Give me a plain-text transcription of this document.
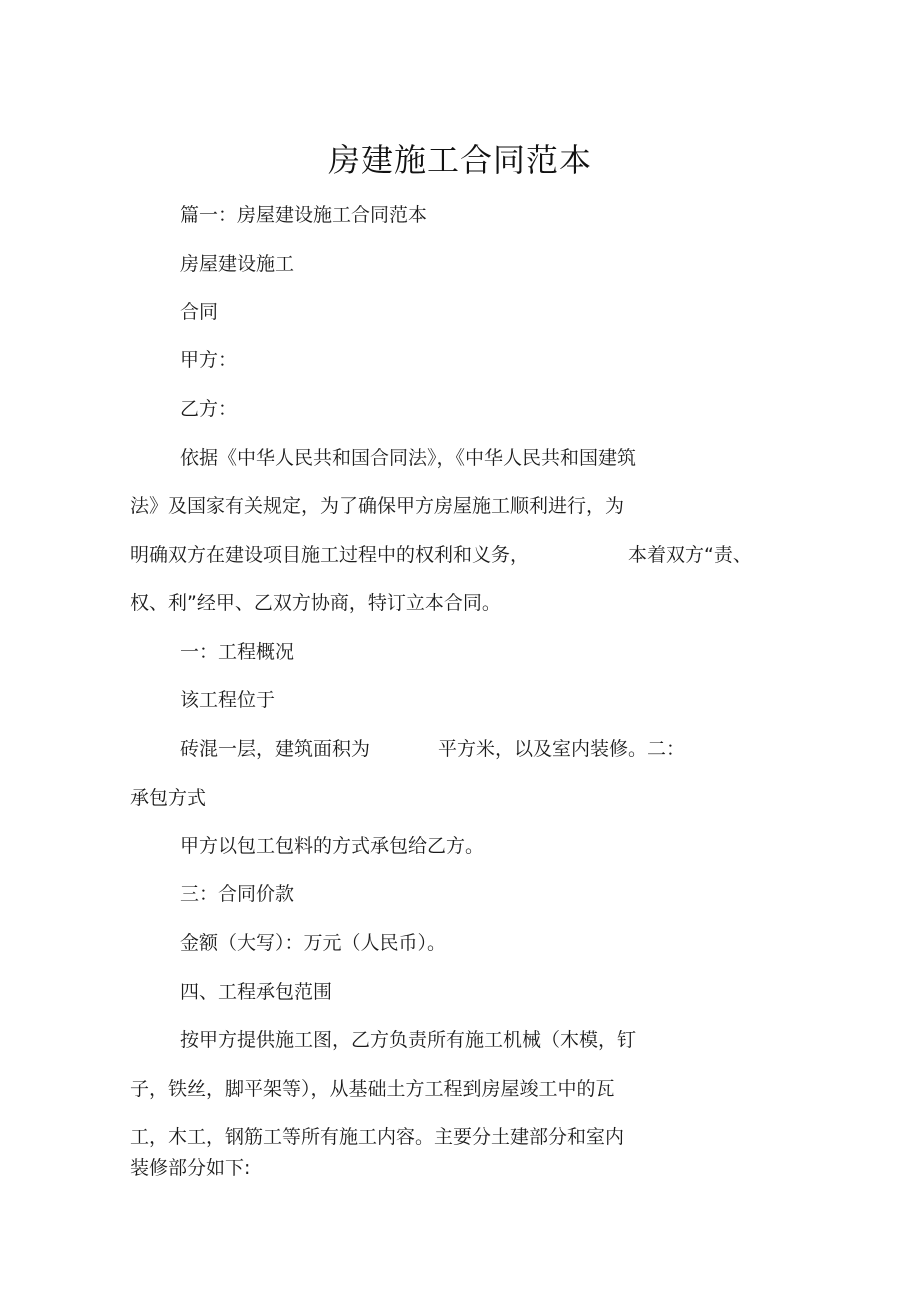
房建施工合同范本
篇一：房屋建设施工合同范本
房屋建设施工
合同
甲方：
乙方：
依据《中华人民共和国合同法》，《中华人民共和国建筑
法》及国家有关规定，为了确保甲方房屋施工顺利进行，为
明确双方在建设项目施工过程中的权利和义务，	本着双方“责、
权、利”经甲、乙双方协商，特订立本合同。
一：工程概况
该工程位于
砖混一层，建筑面积为	平方米，以及室内装修。二：
承包方式
甲方以包工包料的方式承包给乙方。
三：合同价款
金额（大写）：万元（人民币）。
四、工程承包范围
按甲方提供施工图，乙方负责所有施工机械（木模，钉
子，铁丝，脚平架等），从基础土方工程到房屋竣工中的瓦
工，木工，钢筋工等所有施工内容。主要分土建部分和室内
装修部分如下:
